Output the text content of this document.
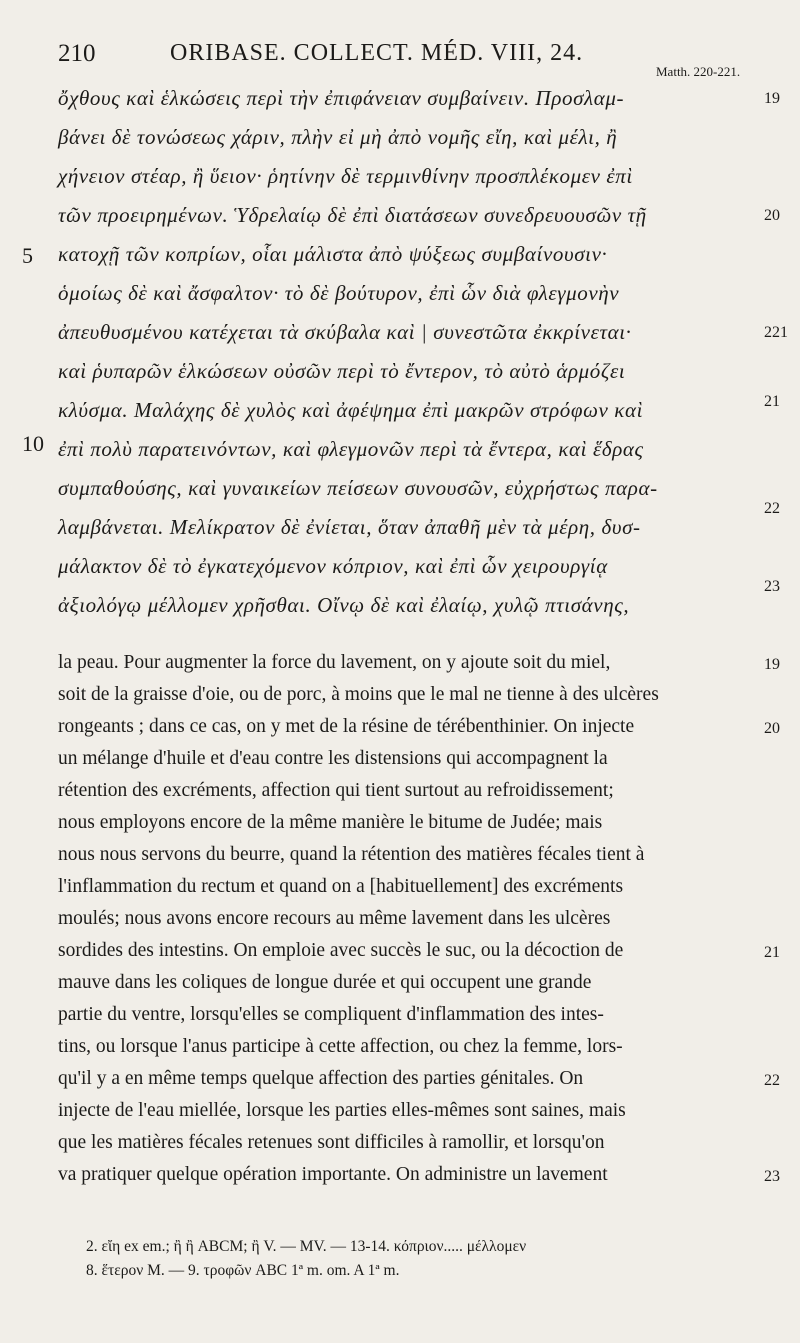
210	ORIBASE. COLLECT. MÉD. VIII, 24.
Matth. 220-221.
ὄχθους καὶ ἑλκώσεις περὶ τὴν ἐπιφάνειαν συμβαίνειν. Προσλαμ-
βάνει δὲ τονώσεως χάριν, πλὴν εἰ μὴ ἀπὸ νομῆς εἴη, καὶ μέλι, ἢ
χήνειον στέαρ, ἢ ὕειον· ῥητίνην δὲ τερμινθίνην προσπλέκομεν ἐπὶ
τῶν προειρημένων. Ὑδρελαίῳ δὲ ἐπὶ διατάσεων συνεδρευουσῶν τῇ
κατοχῇ τῶν κοπρίων, οἷαι μάλιστα ἀπὸ ψύξεως συμβαίνουσιν·
ὁμοίως δὲ καὶ ἄσφαλτον· τὸ δὲ βούτυρον, ἐπὶ ὧν διὰ φλεγμονὴν
ἀπευθυσμένου κατέχεται τὰ σκύβαλα καὶ | συνεστῶτα ἐκκρίνεται·
καὶ ῥυπαρῶν ἑλκώσεων οὐσῶν περὶ τὸ ἔντερον, τὸ αὐτὸ ἁρμόζει
κλύσμα. Μαλάχης δὲ χυλὸς καὶ ἀφέψημα ἐπὶ μακρῶν στρόφων καὶ
ἐπὶ πολὺ παρατεινόντων, καὶ φλεγμονῶν περὶ τὰ ἔντερα, καὶ ἕδρας
συμπαθούσης, καὶ γυναικείων πείσεων συνουσῶν, εὐχρήστως παρα-
λαμβάνεται. Μελίκρατον δὲ ἐνίεται, ὅταν ἀπαθῆ μὲν τὰ μέρη, δυσ-
μάλακτον δὲ τὸ ἐγκατεχόμενον κόπριον, καὶ ἐπὶ ὧν χειρουργίᾳ
ἀξιολόγῳ μέλλομεν χρῆσθαι. Οἴνῳ δὲ καὶ ἐλαίῳ, χυλῷ πτισάνης,
5
10
19
20
221
21
22
23
la peau. Pour augmenter la force du lavement, on y ajoute soit du miel,
soit de la graisse d'oie, ou de porc, à moins que le mal ne tienne à des ulcères
rongeants ; dans ce cas, on y met de la résine de térébenthinier. On injecte
un mélange d'huile et d'eau contre les distensions qui accompagnent la
rétention des excréments, affection qui tient surtout au refroidissement;
nous employons encore de la même manière le bitume de Judée; mais
nous nous servons du beurre, quand la rétention des matières fécales tient à
l'inflammation du rectum et quand on a [habituellement] des excréments
moulés; nous avons encore recours au même lavement dans les ulcères
sordides des intestins. On emploie avec succès le suc, ou la décoction de
mauve dans les coliques de longue durée et qui occupent une grande
partie du ventre, lorsqu'elles se compliquent d'inflammation des intes-
tins, ou lorsque l'anus participe à cette affection, ou chez la femme, lors-
qu'il y a en même temps quelque affection des parties génitales. On
injecte de l'eau miellée, lorsque les parties elles-mêmes sont saines, mais
que les matières fécales retenues sont difficiles à ramollir, et lorsqu'on
va pratiquer quelque opération importante. On administre un lavement
19
20
21
22
23
2. εἴη ex em.; ἢ ἢ ABCM; ἢ V. — MV. — 13-14. κόπριον..... μέλλομεν
8. ἕτερον M. — 9. τροφῶν ABC 1ª m. om. A 1ª m.
